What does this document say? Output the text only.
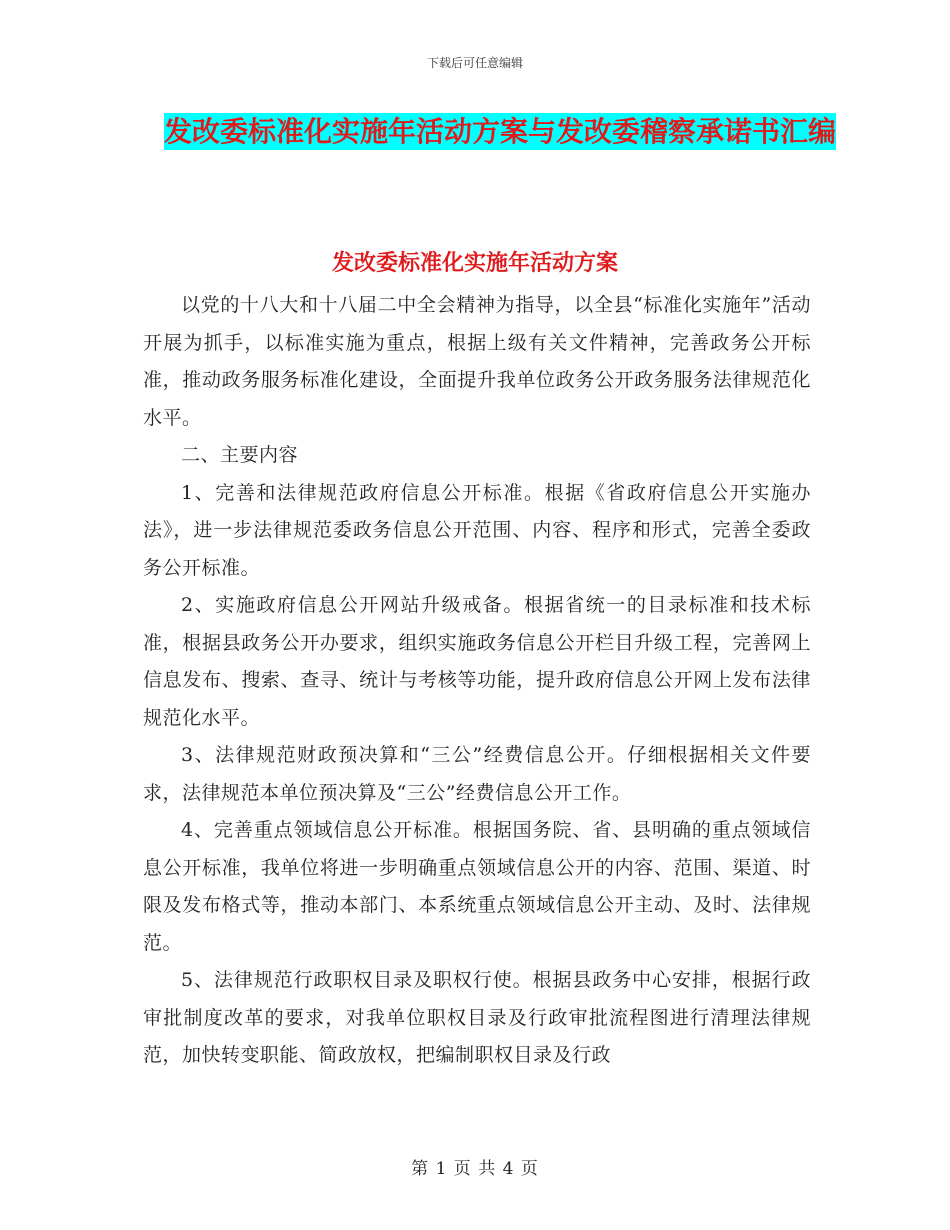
下载后可任意编辑
发改委标准化实施年活动方案与发改委稽察承诺书汇编
发改委标准化实施年活动方案

以党的十八大和十八届二中全会精神为指导，以全县“标准化实施年”活动开展为抓手，以标准实施为重点，根据上级有关文件精神，完善政务公开标准，推动政务服务标准化建设，全面提升我单位政务公开政务服务法律规范化水平。

二、主要内容

1、完善和法律规范政府信息公开标准。根据《省政府信息公开实施办法》，进一步法律规范委政务信息公开范围、内容、程序和形式，完善全委政务公开标准。

2、实施政府信息公开网站升级戒备。根据省统一的目录标准和技术标准，根据县政务公开办要求，组织实施政务信息公开栏目升级工程，完善网上信息发布、搜索、查寻、统计与考核等功能，提升政府信息公开网上发布法律规范化水平。

3、法律规范财政预决算和“三公”经费信息公开。仔细根据相关文件要求，法律规范本单位预决算及“三公”经费信息公开工作。

4、完善重点领域信息公开标准。根据国务院、省、县明确的重点领域信息公开标准，我单位将进一步明确重点领域信息公开的内容、范围、渠道、时限及发布格式等，推动本部门、本系统重点领域信息公开主动、及时、法律规范。

5、法律规范行政职权目录及职权行使。根据县政务中心安排，根据行政审批制度改革的要求，对我单位职权目录及行政审批流程图进行清理法律规范，加快转变职能、简政放权，把编制职权目录及行政

第 1 页 共 4 页
